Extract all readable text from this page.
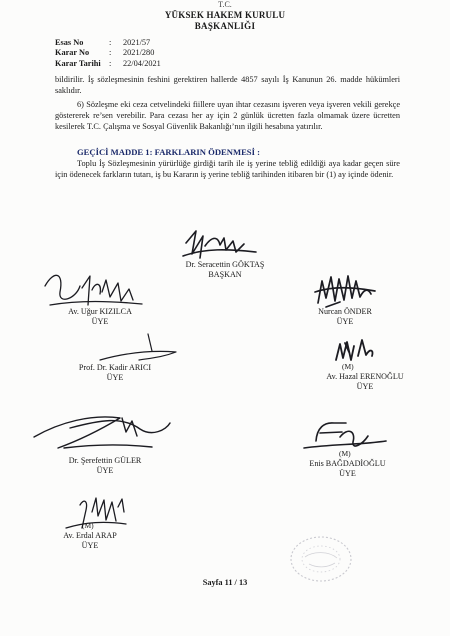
T.C.
YÜKSEK HAKEM KURULU
BAŞKANLIĞI
Esas No	:	2021/57
Karar No	:	2021/280
Karar Tarihi :	22/04/2021
bildirilir. İş sözleşmesinin feshini gerektiren hallerde 4857 sayılı İş Kanunun 26. madde hükümleri saklıdır.
6) Sözleşme eki ceza cetvelindeki fiillere uyan ihtar cezasını işveren veya işveren vekili gerekçe göstererek re’sen verebilir. Para cezası her ay için 2 günlük ücretten fazla olmamak üzere ücretten kesilerek T.C. Çalışma ve Sosyal Güvenlik Bakanlığı’nın ilgili hesabına yatırılır.
GEÇİCİ MADDE 1: FARKLARIN ÖDENMESİ :
Toplu İş Sözleşmesinin yürürlüğe girdiği tarih ile iş yerine tebliğ edildiği aya kadar geçen süre için ödenecek farkların tutarı, iş bu Kararın iş yerine tebliğ tarihinden itibaren bir (1) ay içinde ödenir.
Dr. Seracettin GÖKTAŞ
BAŞKAN
Av. Uğur KIZILCA
ÜYE
Nurcan ÖNDER
ÜYE
Prof. Dr. Kadir ARICI
ÜYE
(M)
Av. Hazal ERENOĞLU
ÜYE
Dr. Şerefettin GÜLER
ÜYE
(M)
Enis BAĞDADİOĞLU
ÜYE
(M)
Av. Erdal ARAP
ÜYE
Sayfa 11 / 13
